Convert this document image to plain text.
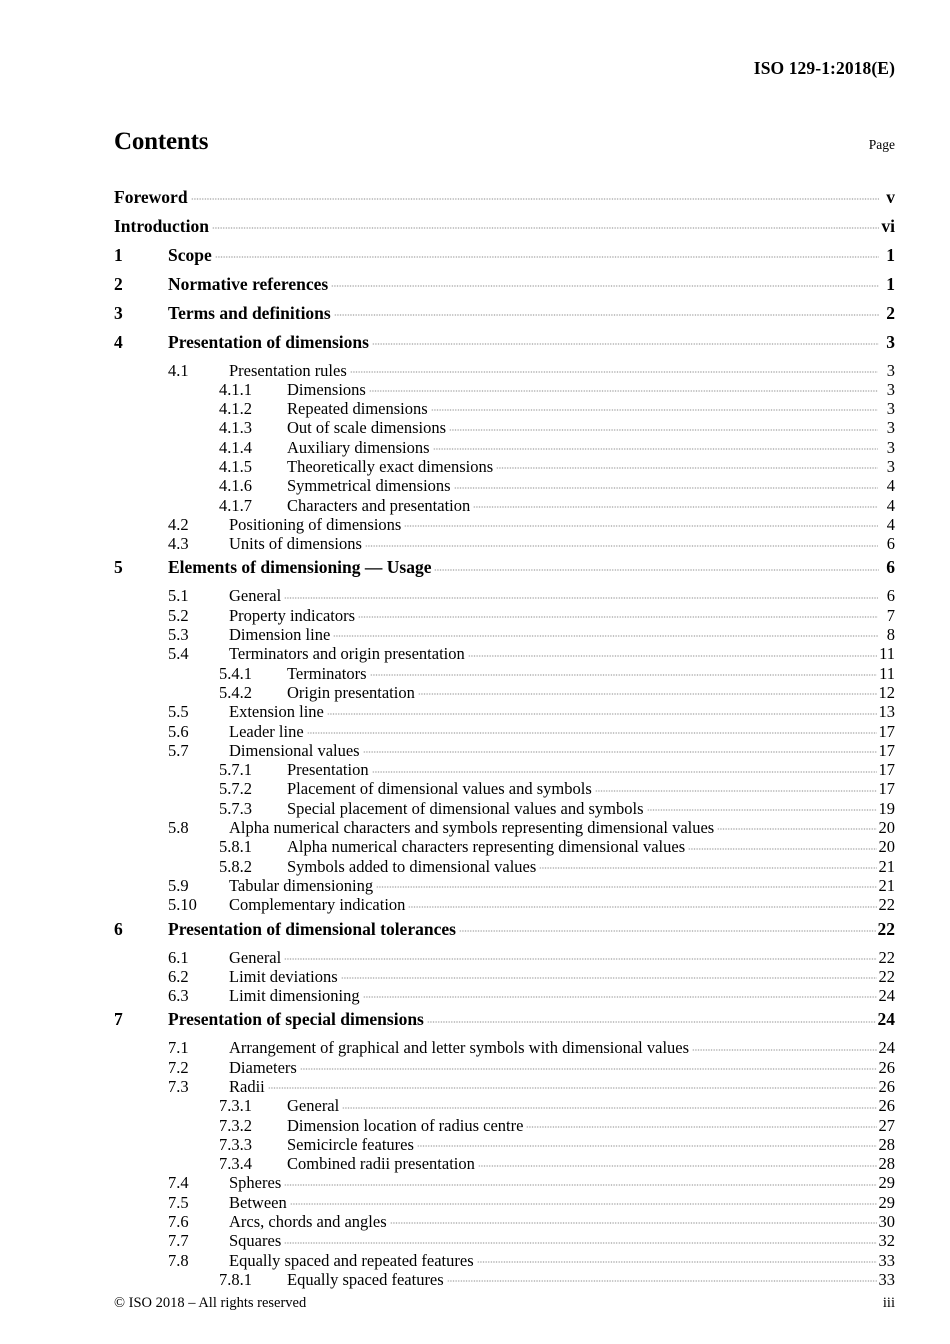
ISO 129-1:2018(E)
Contents	Page
Foreword	v
Introduction	vi
1	Scope	1
2	Normative references	1
3	Terms and definitions	2
4	Presentation of dimensions	3
4.1	Presentation rules	3
4.1.1	Dimensions	3
4.1.2	Repeated dimensions	3
4.1.3	Out of scale dimensions	3
4.1.4	Auxiliary dimensions	3
4.1.5	Theoretically exact dimensions	3
4.1.6	Symmetrical dimensions	4
4.1.7	Characters and presentation	4
4.2	Positioning of dimensions	4
4.3	Units of dimensions	6
5	Elements of dimensioning — Usage	6
5.1	General	6
5.2	Property indicators	7
5.3	Dimension line	8
5.4	Terminators and origin presentation	11
5.4.1	Terminators	11
5.4.2	Origin presentation	12
5.5	Extension line	13
5.6	Leader line	17
5.7	Dimensional values	17
5.7.1	Presentation	17
5.7.2	Placement of dimensional values and symbols	17
5.7.3	Special placement of dimensional values and symbols	19
5.8	Alpha numerical characters and symbols representing dimensional values	20
5.8.1	Alpha numerical characters representing dimensional values	20
5.8.2	Symbols added to dimensional values	21
5.9	Tabular dimensioning	21
5.10	Complementary indication	22
6	Presentation of dimensional tolerances	22
6.1	General	22
6.2	Limit deviations	22
6.3	Limit dimensioning	24
7	Presentation of special dimensions	24
7.1	Arrangement of graphical and letter symbols with dimensional values	24
7.2	Diameters	26
7.3	Radii	26
7.3.1	General	26
7.3.2	Dimension location of radius centre	27
7.3.3	Semicircle features	28
7.3.4	Combined radii presentation	28
7.4	Spheres	29
7.5	Between	29
7.6	Arcs, chords and angles	30
7.7	Squares	32
7.8	Equally spaced and repeated features	33
7.8.1	Equally spaced features	33
© ISO 2018 – All rights reserved	iii
